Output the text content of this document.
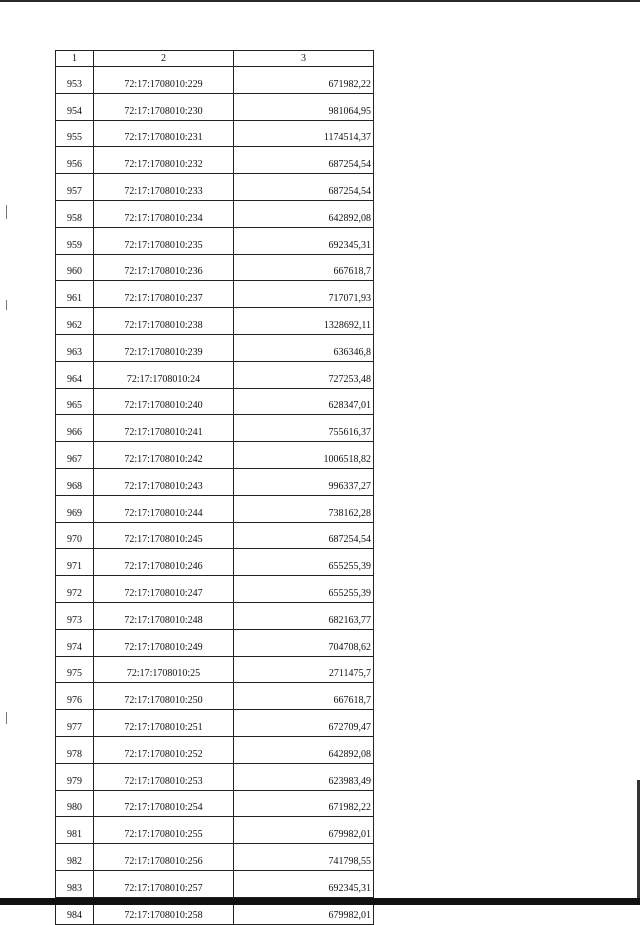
1	2	3
953	72:17:1708010:229	671982,22
954	72:17:1708010:230	981064,95
955	72:17:1708010:231	1174514,37
956	72:17:1708010:232	687254,54
957	72:17:1708010:233	687254,54
958	72:17:1708010:234	642892,08
959	72:17:1708010:235	692345,31
960	72:17:1708010:236	667618,7
961	72:17:1708010:237	717071,93
962	72:17:1708010:238	1328692,11
963	72:17:1708010:239	636346,8
964	72:17:1708010:24	727253,48
965	72:17:1708010:240	628347,01
966	72:17:1708010:241	755616,37
967	72:17:1708010:242	1006518,82
968	72:17:1708010:243	996337,27
969	72:17:1708010:244	738162,28
970	72:17:1708010:245	687254,54
971	72:17:1708010:246	655255,39
972	72:17:1708010:247	655255,39
973	72:17:1708010:248	682163,77
974	72:17:1708010:249	704708,62
975	72:17:1708010:25	2711475,7
976	72:17:1708010:250	667618,7
977	72:17:1708010:251	672709,47
978	72:17:1708010:252	642892,08
979	72:17:1708010:253	623983,49
980	72:17:1708010:254	671982,22
981	72:17:1708010:255	679982,01
982	72:17:1708010:256	741798,55
983	72:17:1708010:257	692345,31
984	72:17:1708010:258	679982,01
